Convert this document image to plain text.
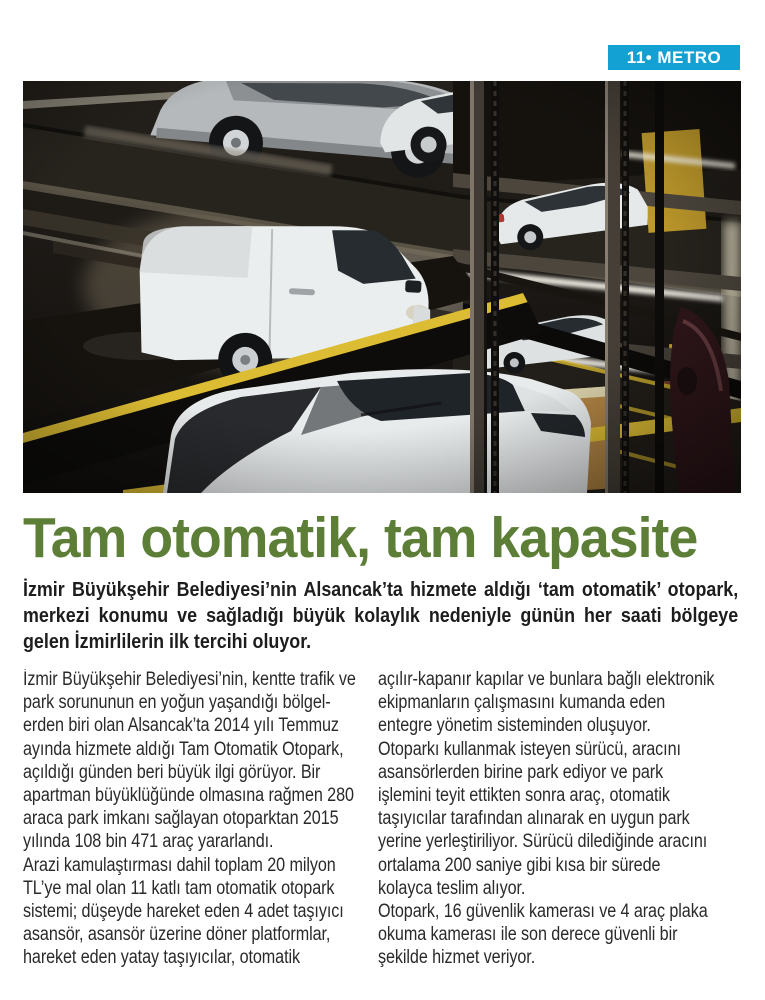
11• METRO
Tam otomatik, tam kapasite
İzmir Büyükşehir Belediyesi’nin Alsancak’ta hizmete aldığı ‘tam otomatik’ otopark,
merkezi konumu ve sağladığı büyük kolaylık nedeniyle günün her saati bölgeye
gelen İzmirlilerin ilk tercihi oluyor.
İzmir Büyükşehir Belediyesi’nin, kentte trafik ve
park sorununun en yoğun yaşandığı bölgel-
erden biri olan Alsancak’ta 2014 yılı Temmuz
ayında hizmete aldığı Tam Otomatik Otopark,
açıldığı günden beri büyük ilgi görüyor. Bir
apartman büyüklüğünde olmasına rağmen 280
araca park imkanı sağlayan otoparktan 2015
yılında 108 bin 471 araç yararlandı.
Arazi kamulaştırması dahil toplam 20 milyon
TL’ye mal olan 11 katlı tam otomatik otopark
sistemi; düşeyde hareket eden 4 adet taşıyıcı
asansör, asansör üzerine döner platformlar,
hareket eden yatay taşıyıcılar, otomatik
açılır-kapanır kapılar ve bunlara bağlı elektronik
ekipmanların çalışmasını kumanda eden
entegre yönetim sisteminden oluşuyor.
Otoparkı kullanmak isteyen sürücü, aracını
asansörlerden birine park ediyor ve park
işlemini teyit ettikten sonra araç, otomatik
taşıyıcılar tarafından alınarak en uygun park
yerine yerleştiriliyor. Sürücü dilediğinde aracını
ortalama 200 saniye gibi kısa bir sürede
kolayca teslim alıyor.
Otopark, 16 güvenlik kamerası ve 4 araç plaka
okuma kamerası ile son derece güvenli bir
şekilde hizmet veriyor.
